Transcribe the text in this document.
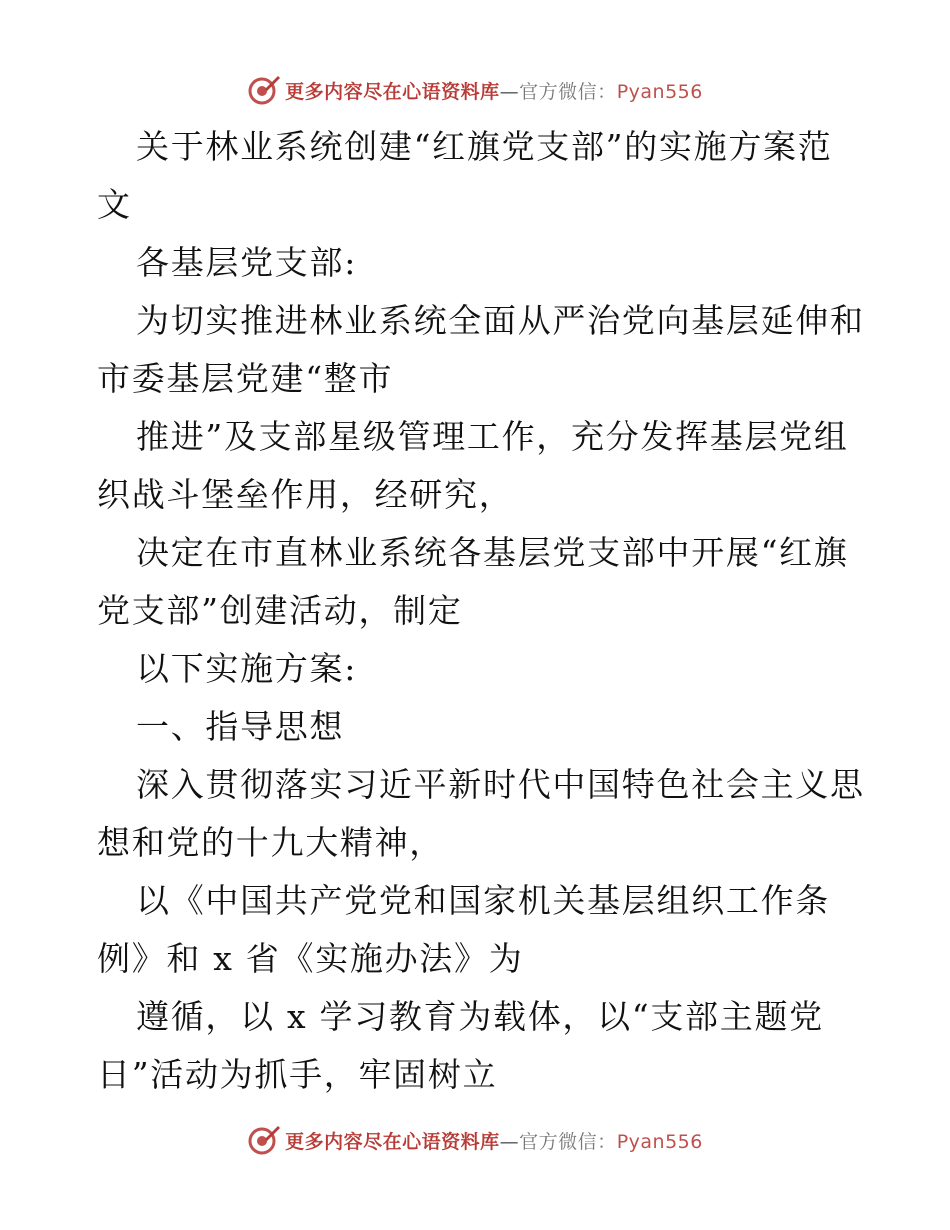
更多内容尽在心语资料库—官方微信：Pyan556
关于林业系统创建“红旗党支部”的实施方案范
文
各基层党支部:
为切实推进林业系统全面从严治党向基层延伸和
市委基层党建“整市
推进”及支部星级管理工作，充分发挥基层党组
织战斗堡垒作用，经研究，
决定在市直林业系统各基层党支部中开展“红旗
党支部”创建活动，制定
以下实施方案:
一、指导思想
深入贯彻落实习近平新时代中国特色社会主义思
想和党的十九大精神，
以《中国共产党党和国家机关基层组织工作条
例》和 x 省《实施办法》为
遵循，以 x 学习教育为载体，以“支部主题党
日”活动为抓手，牢固树立
更多内容尽在心语资料库—官方微信：Pyan556
